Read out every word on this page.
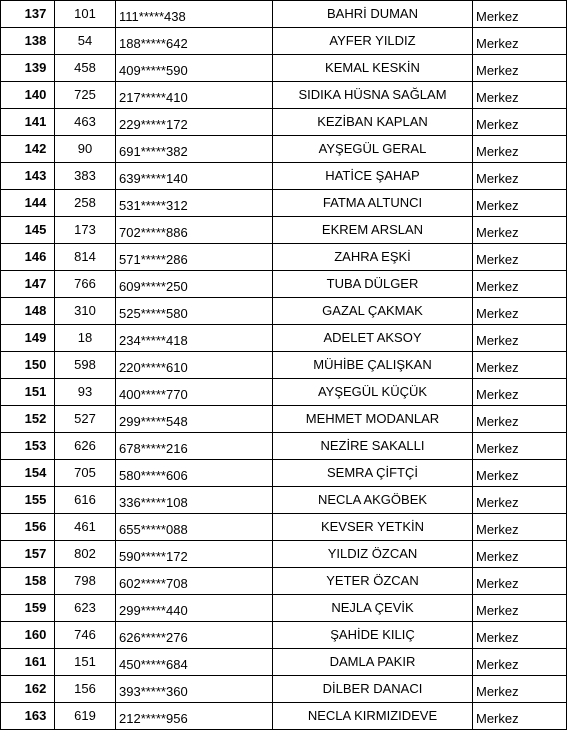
137	101	111*****438	BAHRİ DUMAN	Merkez
138	54	188*****642	AYFER YILDIZ	Merkez
139	458	409*****590	KEMAL KESKİN	Merkez
140	725	217*****410	SIDIKA HÜSNA SAĞLAM	Merkez
141	463	229*****172	KEZİBAN KAPLAN	Merkez
142	90	691*****382	AYŞEGÜL GERAL	Merkez
143	383	639*****140	HATİCE ŞAHAP	Merkez
144	258	531*****312	FATMA ALTUNCI	Merkez
145	173	702*****886	EKREM ARSLAN	Merkez
146	814	571*****286	ZAHRA EŞKİ	Merkez
147	766	609*****250	TUBA DÜLGER	Merkez
148	310	525*****580	GAZAL ÇAKMAK	Merkez
149	18	234*****418	ADELET AKSOY	Merkez
150	598	220*****610	MÜHİBE ÇALIŞKAN	Merkez
151	93	400*****770	AYŞEGÜL KÜÇÜK	Merkez
152	527	299*****548	MEHMET MODANLAR	Merkez
153	626	678*****216	NEZİRE SAKALLI	Merkez
154	705	580*****606	SEMRA ÇİFTÇİ	Merkez
155	616	336*****108	NECLA AKGÖBEK	Merkez
156	461	655*****088	KEVSER YETKİN	Merkez
157	802	590*****172	YILDIZ ÖZCAN	Merkez
158	798	602*****708	YETER ÖZCAN	Merkez
159	623	299*****440	NEJLA ÇEVİK	Merkez
160	746	626*****276	ŞAHİDE KILIÇ	Merkez
161	151	450*****684	DAMLA PAKIR	Merkez
162	156	393*****360	DİLBER DANACI	Merkez
163	619	212*****956	NECLA KIRMIZIDEVE	Merkez
